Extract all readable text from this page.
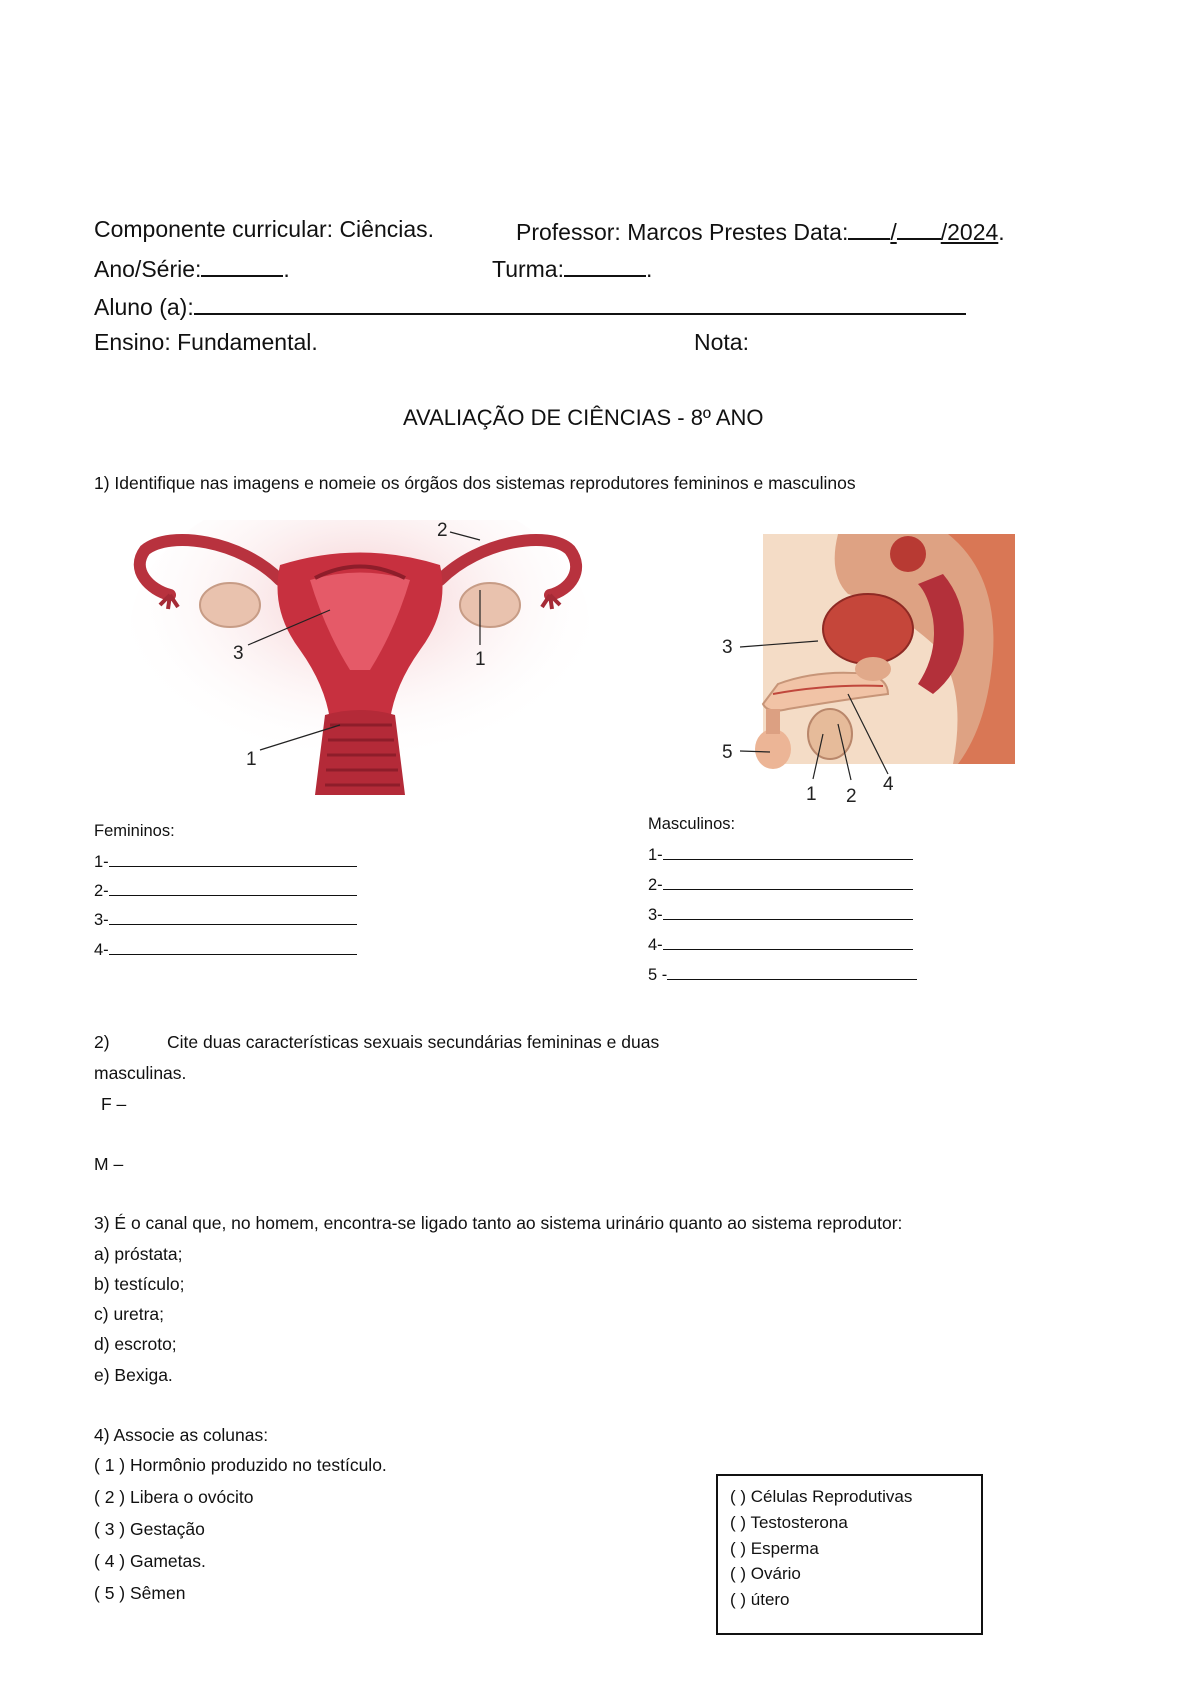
Componente curricular: Ciências.	Professor: Marcos Prestes Data: / /2024.
Ano/Série:	.	Turma:	.
Aluno (a):
Ensino: Fundamental.	Nota:
AVALIAÇÃO DE CIÊNCIAS - 8º ANO
1) Identifique nas imagens e nomeie os órgãos dos sistemas reprodutores femininos e masculinos
2
3	1
1
3
5
1 2
4
Femininos:
1-
2-
3-
4-
Masculinos:
1-
2-
3-
4-
5 -
2)	Cite duas características sexuais secundárias femininas e duas
masculinas.
F –
M –
3) É o canal que, no homem, encontra-se ligado tanto ao sistema urinário quanto ao sistema reprodutor:
a) próstata;
b) testículo;
c) uretra;
d) escroto;
e) Bexiga.
4) Associe as colunas:
( 1 ) Hormônio produzido no testículo.
( 2 ) Libera o ovócito
( 3 ) Gestação
( 4 ) Gametas.
( 5 ) Sêmen
( ) Células Reprodutivas
( ) Testosterona
( ) Esperma
( ) Ovário
( ) útero
